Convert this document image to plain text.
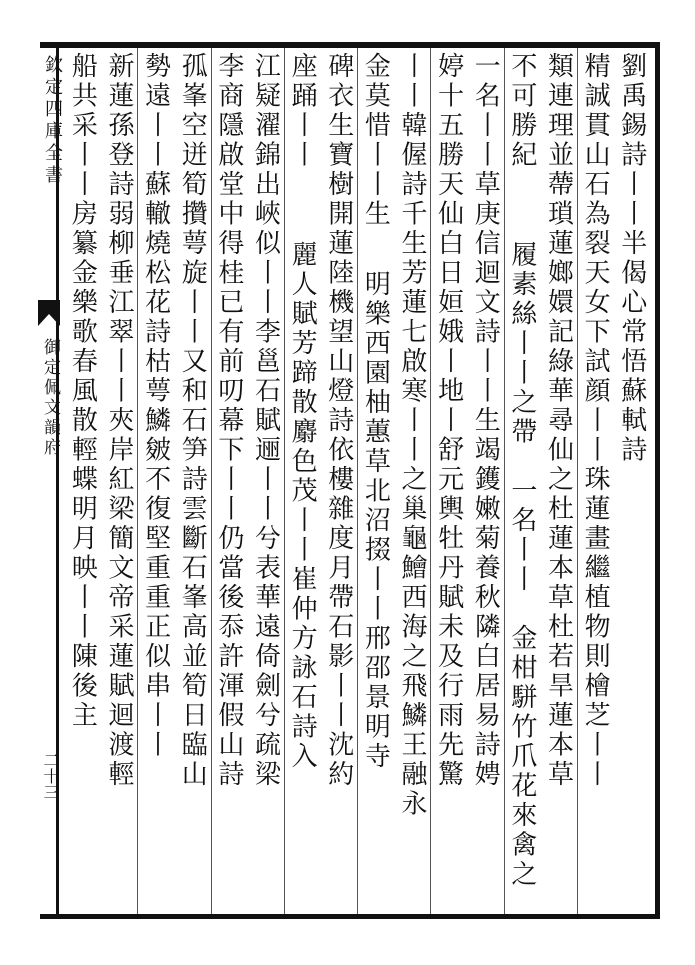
欽定四庫全書
御定佩文韻府
二十三
劉禹錫詩丨丨半偈心常悟蘇軾詩
精誠貫山石為裂天女下試顔丨丨珠蓮畫繼植物則檜芝丨丨
類連理並蔕瑣蓮嫏嬛記綠華尋仙之杜蓮本草杜若旱蓮本草
不可勝紀　　 履素絲丨丨之帶　一名丨丨　金柑駢竹爪花來禽之
一名丨丨草庚信迴文詩丨丨生竭鑊嫩菊養秋隣白居易詩娉
婷十五勝天仙白日姮娥丨地丨舒元輿牡丹賦未及行雨先驚
丨丨韓偓詩千生芳蓮七啟寒丨丨之巢龜鱠西海之飛鱗王融永
金莫惜丨丨生　 明樂西園柚蕙草北沼掇丨丨邢邵景明寺
碑衣生寶樹開蓮陸機望山燈詩依樓雜度月帶石影丨丨沈約
座踊丨丨　　 麗人賦芳蹄散麝色茂丨丨崔仲方詠石詩入
江疑濯錦出峽似丨丨李邕石賦逦丨丨兮表華遠倚劍兮疏梁
李商隱啟堂中得桂已有前叨幕下丨丨仍當後忝許渾假山詩
孤峯空迸筍攢萼旋丨丨又和石笋詩雲斷石峯高並筍日臨山
勢遠丨丨蘇轍燒松花詩枯萼鱗皴不復堅重重正似串丨丨
新蓮孫登詩弱柳垂江翠丨丨夾岸紅梁簡文帝采蓮賦迴渡輕
船共采丨丨房纂金樂歌春風散輕蝶明月映丨丨陳後主
